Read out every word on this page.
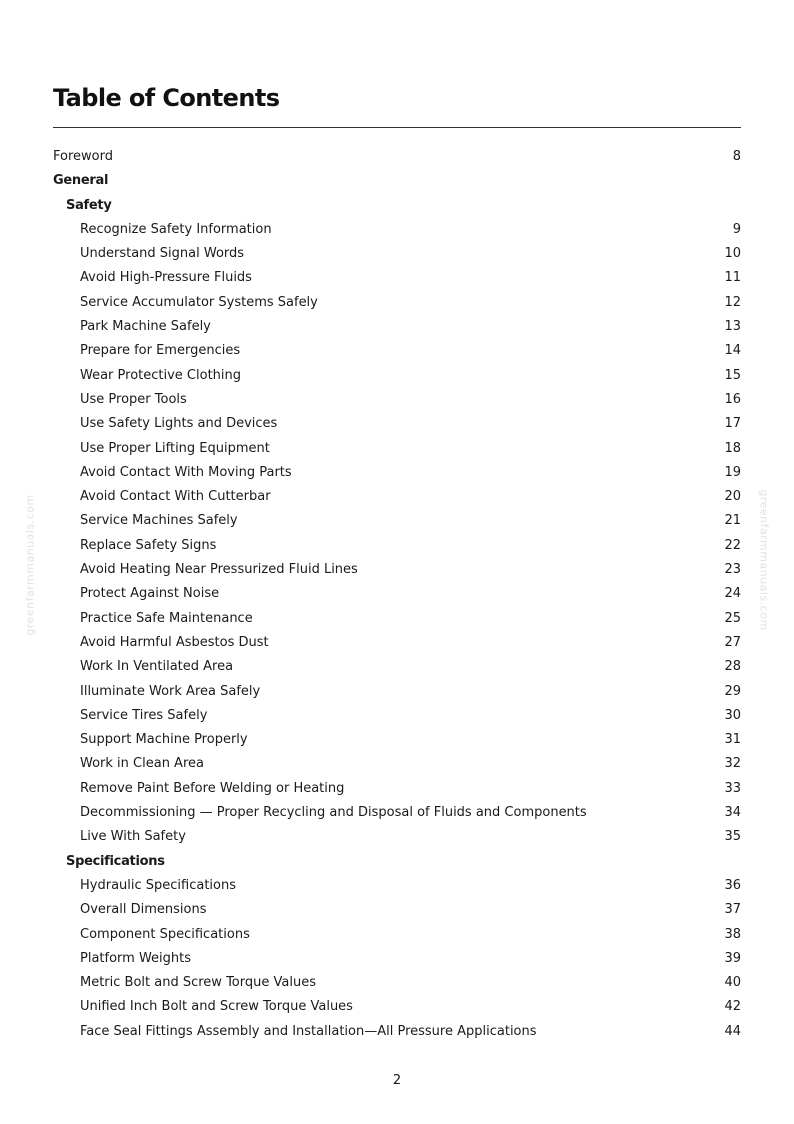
greenfarmmanuals.com	greenfarmmanuals.com
Table of Contents
Foreword	8
General
Safety
Recognize Safety Information	9
Understand Signal Words	10
Avoid High-Pressure Fluids	11
Service Accumulator Systems Safely	12
Park Machine Safely	13
Prepare for Emergencies	14
Wear Protective Clothing	15
Use Proper Tools	16
Use Safety Lights and Devices	17
Use Proper Lifting Equipment	18
Avoid Contact With Moving Parts	19
Avoid Contact With Cutterbar	20
Service Machines Safely	21
Replace Safety Signs	22
Avoid Heating Near Pressurized Fluid Lines	23
Protect Against Noise	24
Practice Safe Maintenance	25
Avoid Harmful Asbestos Dust	27
Work In Ventilated Area	28
Illuminate Work Area Safely	29
Service Tires Safely	30
Support Machine Properly	31
Work in Clean Area	32
Remove Paint Before Welding or Heating	33
Decommissioning — Proper Recycling and Disposal of Fluids and Components	34
Live With Safety	35
Specifications
Hydraulic Specifications	36
Overall Dimensions	37
Component Specifications	38
Platform Weights	39
Metric Bolt and Screw Torque Values	40
Unified Inch Bolt and Screw Torque Values	42
Face Seal Fittings Assembly and Installation—All Pressure Applications	44
2
